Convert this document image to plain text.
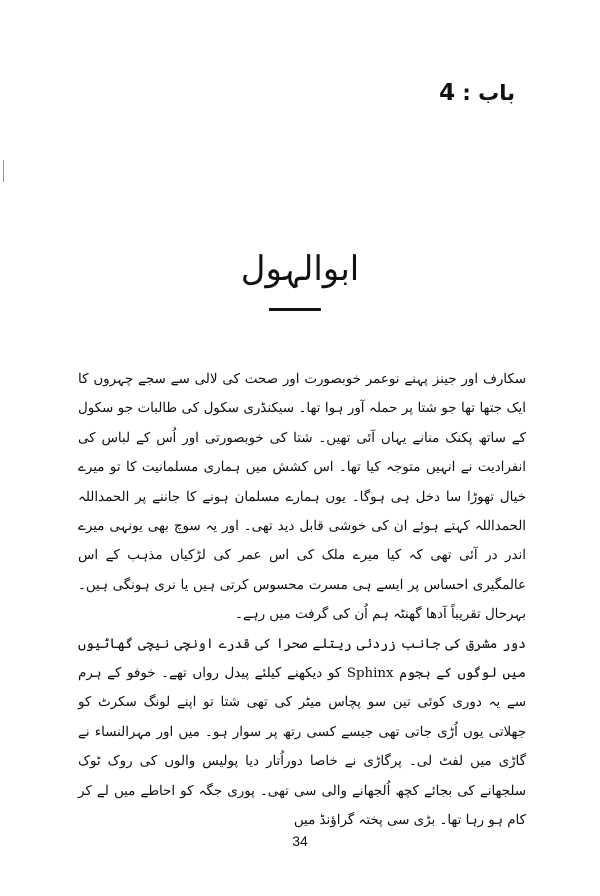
باب : 4
ابوالہول

سکارف اور جینز پہنے نوعمر خوبصورت اور صحت کی لالی سے سجے چہروں کا ایک جتھا تھا جو شتا پر حملہ آور ہوا تھا۔ سیکنڈری سکول کی طالبات جو سکول کے ساتھ پکنک منانے یہاں آئی تھیں۔ شتا کی خوبصورتی اور اُس کے لباس کی انفرادیت نے انہیں متوجہ کیا تھا۔ اس کشش میں ہماری مسلمانیت کا تو میرے خیال تھوڑا سا دخل ہی ہوگا۔ یوں ہمارے مسلمان ہونے کا جاننے پر الحمداللہ الحمداللہ کہتے ہوئے ان کی خوشی قابل دید تھی۔ اور یہ سوچ بھی یونہی میرے اندر در آئی تھی کہ کیا میرے ملک کی اس عمر کی لڑکیاں مذہب کے اس عالمگیری احساس پر ایسے ہی مسرت محسوس کرتی ہیں یا نری ہونگی ہیں۔ بہرحال تقریباً آدھا گھنٹہ ہم اُن کی گرفت میں رہے۔

دور مشرق کی جانب زردئی ریتلے صحرا کی قدرے اونچی نیچی گھاٹیوں میں لوگوں کے ہجوم Sphinx کو دیکھنے کیلئے پیدل رواں تھے۔ خوفو کے ہرم سے یہ دوری کوئی تین سو پچاس میٹر کی تھی شتا تو اپنے لونگ سکرٹ کو جھلاتی یوں اُڑی جاتی تھی جیسے کسی رتھ پر سوار ہو۔ میں اور مہرالنساء نے گاڑی میں لفٹ لی۔ پرگاڑی نے خاصا دوراُتار دیا پولیس والوں کی روک ٹوک سلجھانے کی بجائے کچھ اُلجھانے والی سی تھی۔ پوری جگہ کو احاطے میں لے کر کام ہو رہا تھا۔ بڑی سی پختہ گراؤنڈ میں

34
